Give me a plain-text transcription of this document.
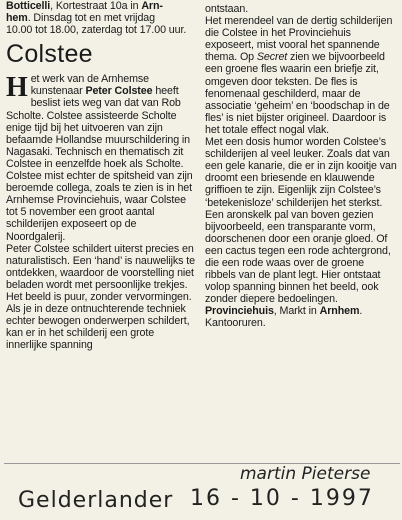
Botticelli, Kortestraat 10a in Arn-
hem. Dinsdag tot en met vrijdag
10.00 tot 18.00, zaterdag tot 17.00 uur.

Colstee

Het werk van de Arnhemse kunstenaar Peter Colstee heeft beslist iets weg van dat van Rob Scholte. Colstee assisteerde Scholte enige tijd bij het uitvoeren van zijn befaamde Hollandse muurschildering in Nagasaki. Technisch en thematisch zit Colstee in eenzelfde hoek als Scholte. Colstee mist echter de spitsheid van zijn beroemde collega, zoals te zien is in het Arnhemse Provinciehuis, waar Colstee tot 5 november een groot aantal schilderijen exposeert op de Noordgalerij.

Peter Colstee schildert uiterst precies en naturalistisch. Een ‘hand’ is nauwelijks te ontdekken, waardoor de voorstelling niet beladen wordt met persoonlijke trekjes. Het beeld is puur, zonder vervormingen. Als je in deze ontnuchterende techniek echter bewogen onderwerpen schildert, kan er in het schilderij een grote innerlijke spanning

ontstaan.

Het merendeel van de dertig schilderijen die Colstee in het Provinciehuis exposeert, mist vooral het spannende thema. Op Secret zien we bijvoorbeeld een groene fles waarin een briefje zit, omgeven door teksten. De fles is fenomenaal geschilderd, maar de associatie ‘geheim’ en ‘boodschap in de fles’ is niet bijster origineel. Daardoor is het totale effect nogal vlak.

Met een dosis humor worden Colstee’s schilderijen al veel leuker. Zoals dat van een gele kanarie, die er in zijn kooitje van droomt een briesende en klauwende griffioen te zijn. Eigenlijk zijn Colstee’s ‘betekenisloze’ schilderijen het sterkst. Een aronskelk pal van boven gezien bijvoorbeeld, een transparante vorm, doorschenen door een oranje gloed. Of een cactus tegen een rode achtergrond, die een rode waas over de groene ribbels van de plant legt. Hier ontstaat volop spanning binnen het beeld, ook zonder diepere bedoelingen.

Provinciehuis, Markt in Arnhem. Kantooruren.

Gelderlander 16 - 10 - 1997
martin Pieterse
